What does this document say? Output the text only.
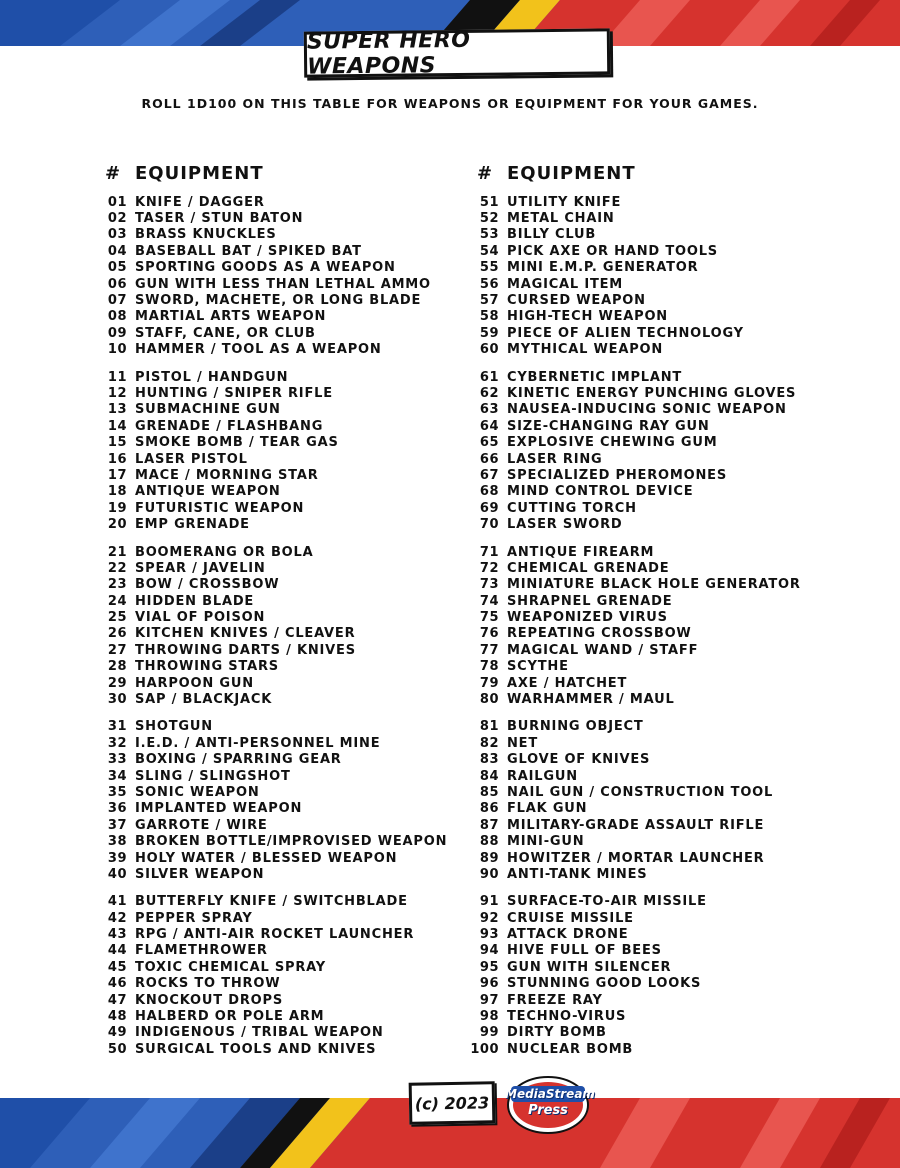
SUPER HERO WEAPONS
ROLL 1D100 ON THIS TABLE FOR WEAPONS OR EQUIPMENT FOR YOUR GAMES.
# EQUIPMENT
01 KNIFE / DAGGER
02 TASER / STUN BATON
03 BRASS KNUCKLES
04 BASEBALL BAT / SPIKED BAT
05 SPORTING GOODS AS A WEAPON
06 GUN WITH LESS THAN LETHAL AMMO
07 SWORD, MACHETE, OR LONG BLADE
08 MARTIAL ARTS WEAPON
09 STAFF, CANE, OR CLUB
10 HAMMER / TOOL AS A WEAPON
11 PISTOL / HANDGUN
12 HUNTING / SNIPER RIFLE
13 SUBMACHINE GUN
14 GRENADE / FLASHBANG
15 SMOKE BOMB / TEAR GAS
16 LASER PISTOL
17 MACE / MORNING STAR
18 ANTIQUE WEAPON
19 FUTURISTIC WEAPON
20 EMP GRENADE
21 BOOMERANG OR BOLA
22 SPEAR / JAVELIN
23 BOW / CROSSBOW
24 HIDDEN BLADE
25 VIAL OF POISON
26 KITCHEN KNIVES / CLEAVER
27 THROWING DARTS / KNIVES
28 THROWING STARS
29 HARPOON GUN
30 SAP / BLACKJACK
31 SHOTGUN
32 I.E.D. / ANTI-PERSONNEL MINE
33 BOXING / SPARRING GEAR
34 SLING / SLINGSHOT
35 SONIC WEAPON
36 IMPLANTED WEAPON
37 GARROTE / WIRE
38 BROKEN BOTTLE/IMPROVISED WEAPON
39 HOLY WATER / BLESSED WEAPON
40 SILVER WEAPON
41 BUTTERFLY KNIFE / SWITCHBLADE
42 PEPPER SPRAY
43 RPG / ANTI-AIR ROCKET LAUNCHER
44 FLAMETHROWER
45 TOXIC CHEMICAL SPRAY
46 ROCKS TO THROW
47 KNOCKOUT DROPS
48 HALBERD OR POLE ARM
49 INDIGENOUS / TRIBAL WEAPON
50 SURGICAL TOOLS AND KNIVES
# EQUIPMENT
51 UTILITY KNIFE
52 METAL CHAIN
53 BILLY CLUB
54 PICK AXE OR HAND TOOLS
55 MINI E.M.P. GENERATOR
56 MAGICAL ITEM
57 CURSED WEAPON
58 HIGH-TECH WEAPON
59 PIECE OF ALIEN TECHNOLOGY
60 MYTHICAL WEAPON
61 CYBERNETIC IMPLANT
62 KINETIC ENERGY PUNCHING GLOVES
63 NAUSEA-INDUCING SONIC WEAPON
64 SIZE-CHANGING RAY GUN
65 EXPLOSIVE CHEWING GUM
66 LASER RING
67 SPECIALIZED PHEROMONES
68 MIND CONTROL DEVICE
69 CUTTING TORCH
70 LASER SWORD
71 ANTIQUE FIREARM
72 CHEMICAL GRENADE
73 MINIATURE BLACK HOLE GENERATOR
74 SHRAPNEL GRENADE
75 WEAPONIZED VIRUS
76 REPEATING CROSSBOW
77 MAGICAL WAND / STAFF
78 SCYTHE
79 AXE / HATCHET
80 WARHAMMER / MAUL
81 BURNING OBJECT
82 NET
83 GLOVE OF KNIVES
84 RAILGUN
85 NAIL GUN / CONSTRUCTION TOOL
86 FLAK GUN
87 MILITARY-GRADE ASSAULT RIFLE
88 MINI-GUN
89 HOWITZER / MORTAR LAUNCHER
90 ANTI-TANK MINES
91 SURFACE-TO-AIR MISSILE
92 CRUISE MISSILE
93 ATTACK DRONE
94 HIVE FULL OF BEES
95 GUN WITH SILENCER
96 STUNNING GOOD LOOKS
97 FREEZE RAY
98 TECHNO-VIRUS
99 DIRTY BOMB
100 NUCLEAR BOMB
(c) 2023 MediaStream
Press
